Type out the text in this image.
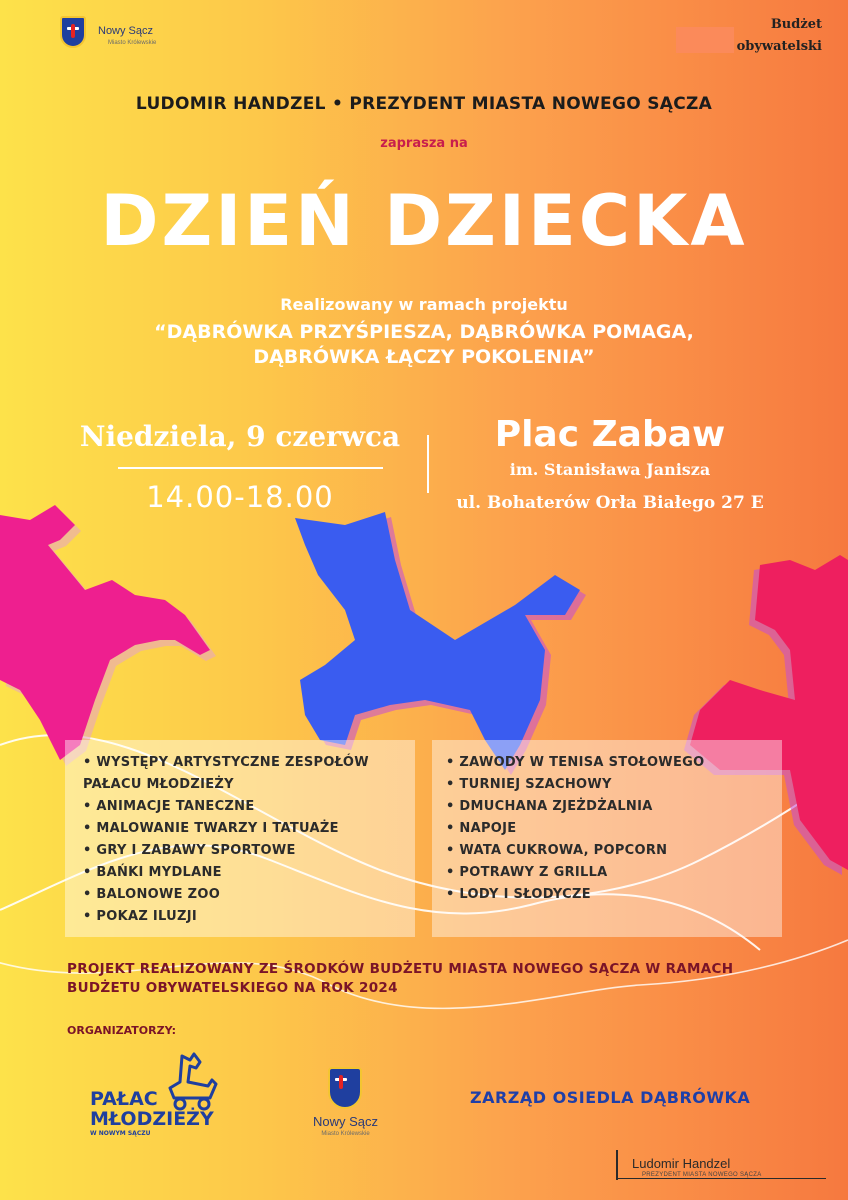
Nowy Sącz
Miasto Królewskie
Budżet
obywatelski
LUDOMIR HANDZEL • PREZYDENT MIASTA NOWEGO SĄCZA
zaprasza na
DZIEŃ DZIECKA
Realizowany w ramach projektu
“DĄBRÓWKA PRZYŚPIESZA, DĄBRÓWKA POMAGA,
DĄBRÓWKA ŁĄCZY POKOLENIA”
Niedziela, 9 czerwca
14.00-18.00
Plac Zabaw
im. Stanisława Janisza
ul. Bohaterów Orła Białego 27 E
• WYSTĘPY ARTYSTYCZNE ZESPOŁÓW
PAŁACU MŁODZIEŻY
• ANIMACJE TANECZNE
• MALOWANIE TWARZY I TATUAŻE
• GRY I ZABAWY SPORTOWE
• BAŃKI MYDLANE
• BALONOWE ZOO
• POKAZ ILUZJI
• ZAWODY W TENISA STOŁOWEGO
• TURNIEJ SZACHOWY
• DMUCHANA ZJEŻDŻALNIA
• NAPOJE
• WATA CUKROWA, POPCORN
• POTRAWY Z GRILLA
• LODY I SŁODYCZE
PROJEKT REALIZOWANY ZE ŚRODKÓW BUDŻETU MIASTA NOWEGO SĄCZA W RAMACH
BUDŻETU OBYWATELSKIEGO NA ROK 2024
ORGANIZATORZY:
PAŁAC
MŁODZIEŻY
W NOWYM SĄCZU
Nowy Sącz
Miasto Królewskie
ZARZĄD OSIEDLA DĄBRÓWKA
Ludomir Handzel
PREZYDENT MIASTA NOWEGO SĄCZA
